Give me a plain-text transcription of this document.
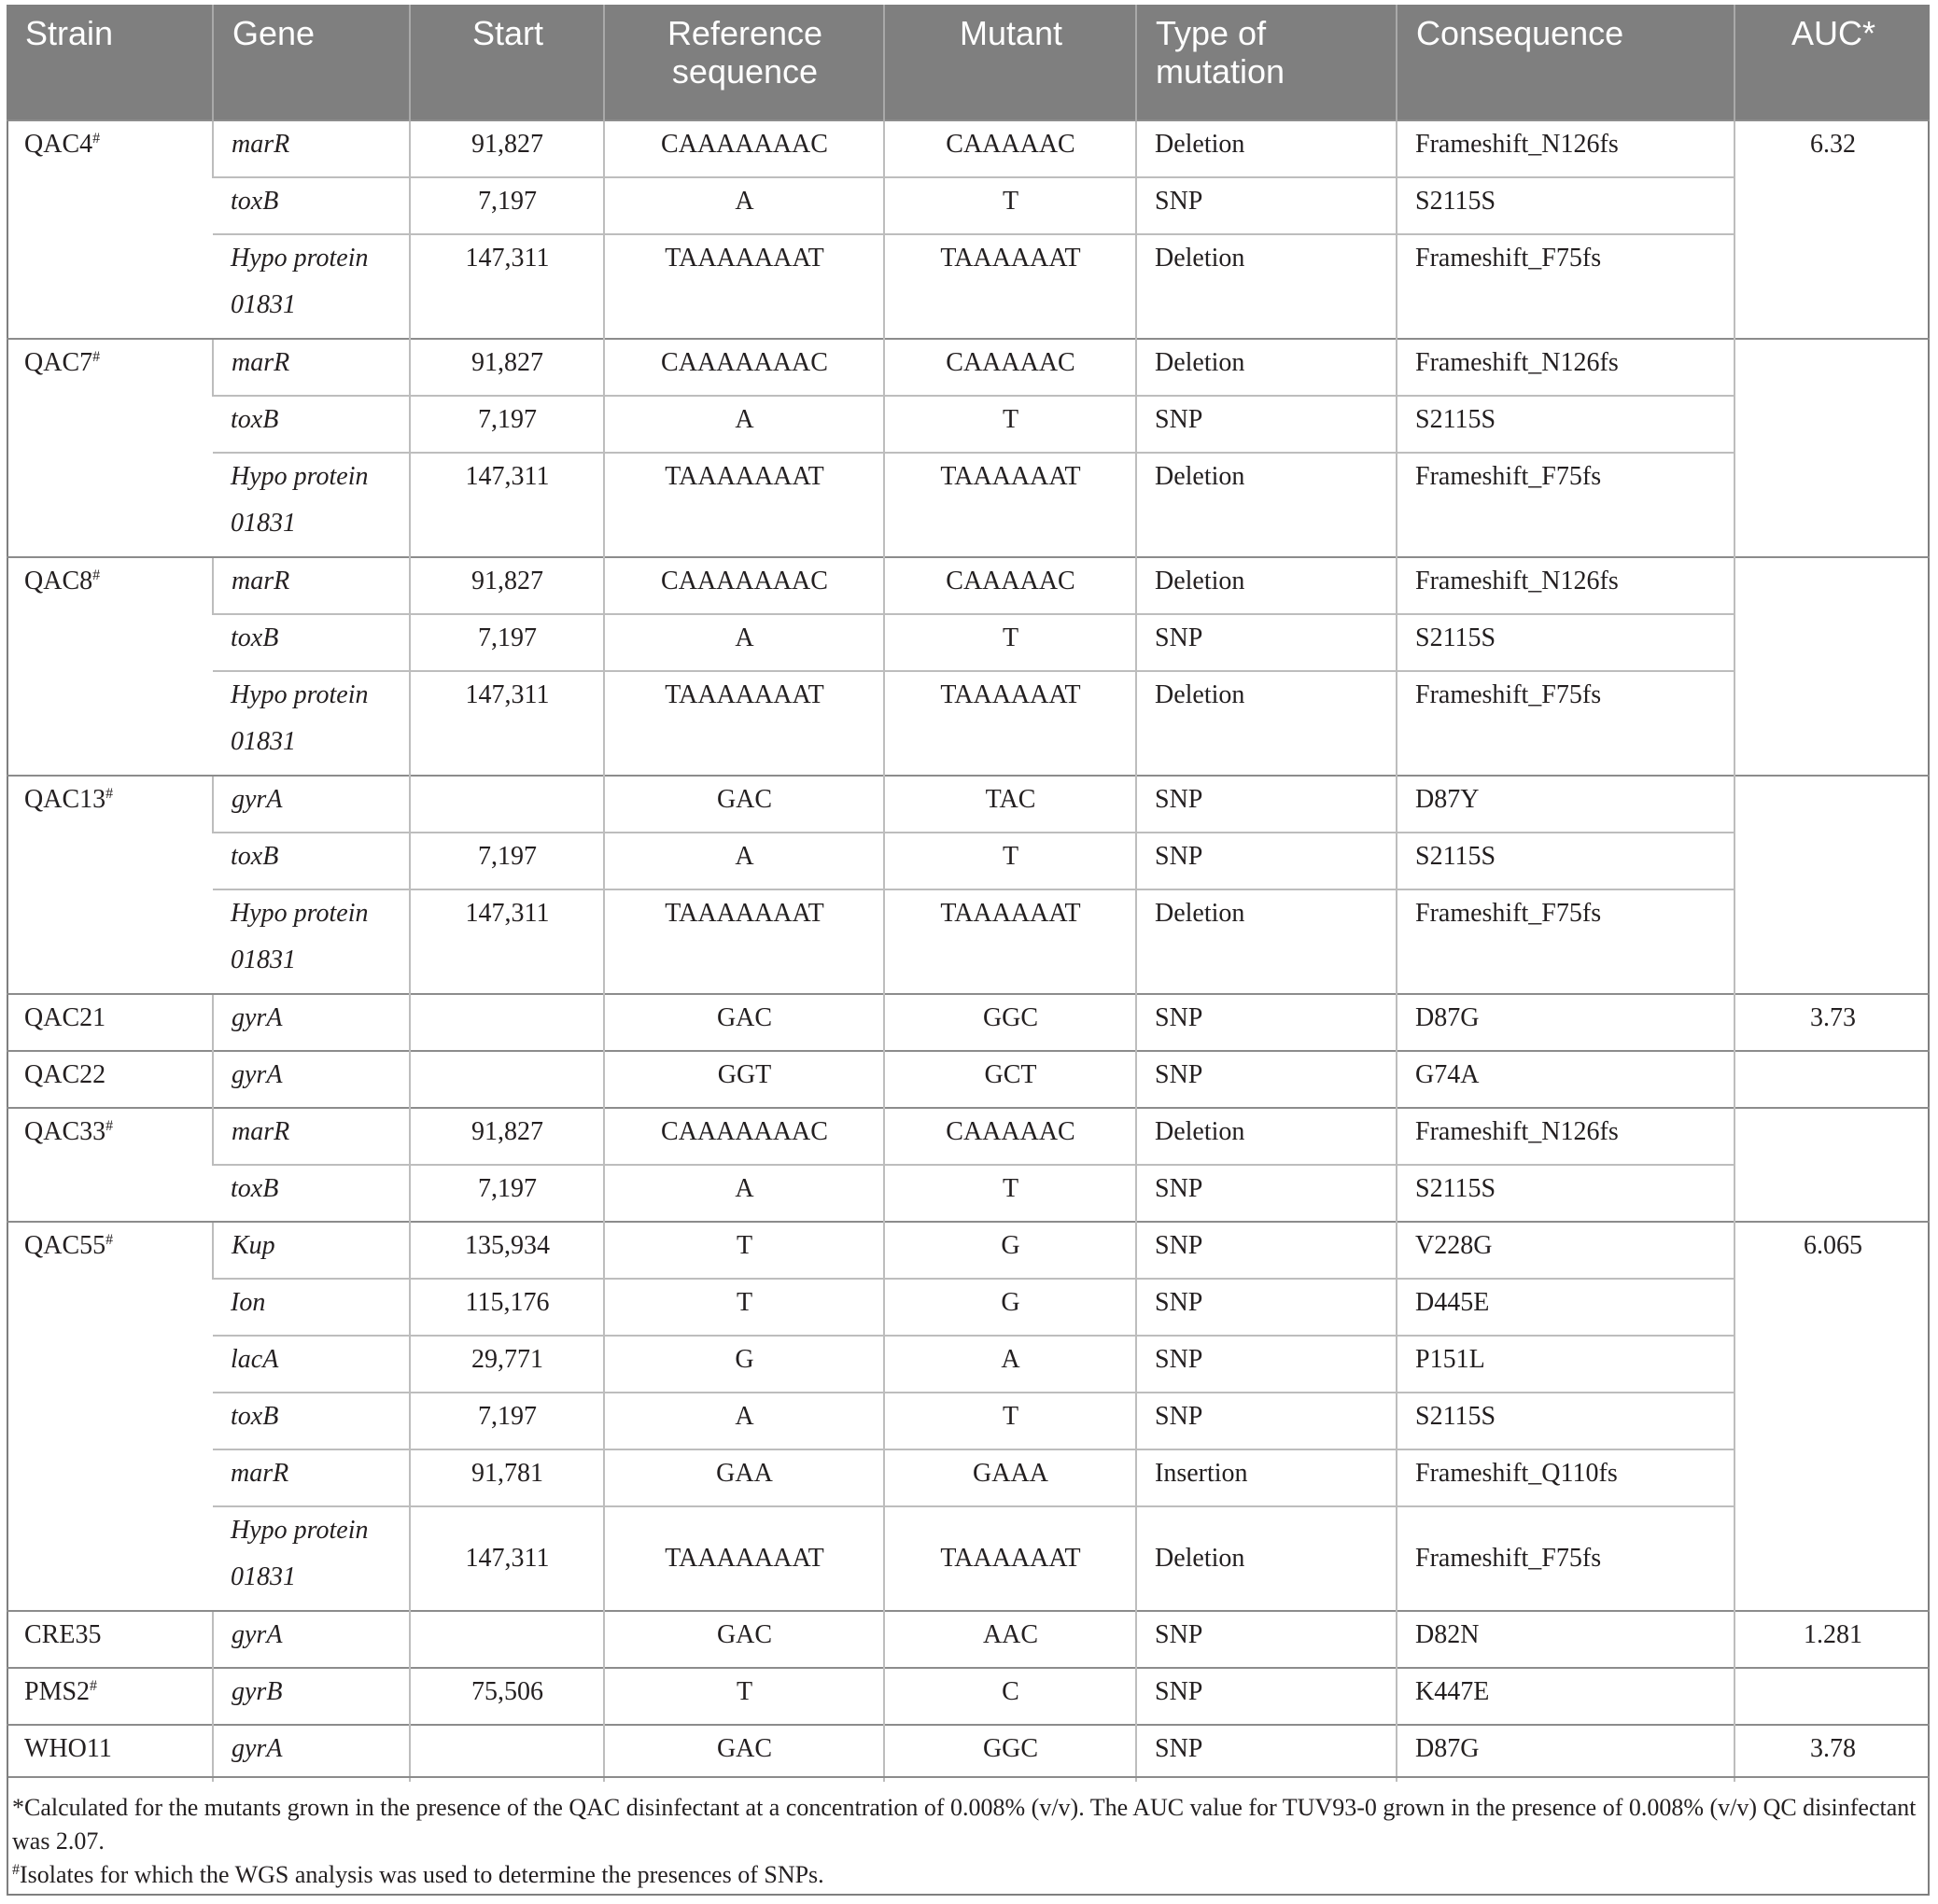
Strain	Gene	Start	Reference sequence	Mutant	Type of mutation	Consequence	AUC*
QAC4#	marR	91,827	CAAAAAAAC	CAAAAAC	Deletion	Frameshift_N126fs	6.32
	toxB	7,197	A	T	SNP	S2115S	
	Hypo protein 01831	147,311	TAAAAAAAT	TAAAAAAT	Deletion	Frameshift_F75fs	
QAC7#	marR	91,827	CAAAAAAAC	CAAAAAC	Deletion	Frameshift_N126fs	
	toxB	7,197	A	T	SNP	S2115S	
	Hypo protein 01831	147,311	TAAAAAAAT	TAAAAAAT	Deletion	Frameshift_F75fs	
QAC8#	marR	91,827	CAAAAAAAC	CAAAAAC	Deletion	Frameshift_N126fs	
	toxB	7,197	A	T	SNP	S2115S	
	Hypo protein 01831	147,311	TAAAAAAAT	TAAAAAAT	Deletion	Frameshift_F75fs	
QAC13#	gyrA		GAC	TAC	SNP	D87Y	
	toxB	7,197	A	T	SNP	S2115S	
	Hypo protein 01831	147,311	TAAAAAAAT	TAAAAAAT	Deletion	Frameshift_F75fs	
QAC21	gyrA		GAC	GGC	SNP	D87G	3.73
QAC22	gyrA		GGT	GCT	SNP	G74A	
QAC33#	marR	91,827	CAAAAAAAC	CAAAAAC	Deletion	Frameshift_N126fs	
	toxB	7,197	A	T	SNP	S2115S	
QAC55#	Kup	135,934	T	G	SNP	V228G	6.065
	Ion	115,176	T	G	SNP	D445E	
	lacA	29,771	G	A	SNP	P151L	
	toxB	7,197	A	T	SNP	S2115S	
	marR	91,781	GAA	GAAA	Insertion	Frameshift_Q110fs	
	Hypo protein 01831	147,311	TAAAAAAAT	TAAAAAAT	Deletion	Frameshift_F75fs	
CRE35	gyrA		GAC	AAC	SNP	D82N	1.281
PMS2#	gyrB	75,506	T	C	SNP	K447E	
WHO11	gyrA		GAC	GGC	SNP	D87G	3.78

*Calculated for the mutants grown in the presence of the QAC disinfectant at a concentration of 0.008% (v/v). The AUC value for TUV93-0 grown in the presence of 0.008% (v/v) QC disinfectant was 2.07.

#Isolates for which the WGS analysis was used to determine the presences of SNPs.
